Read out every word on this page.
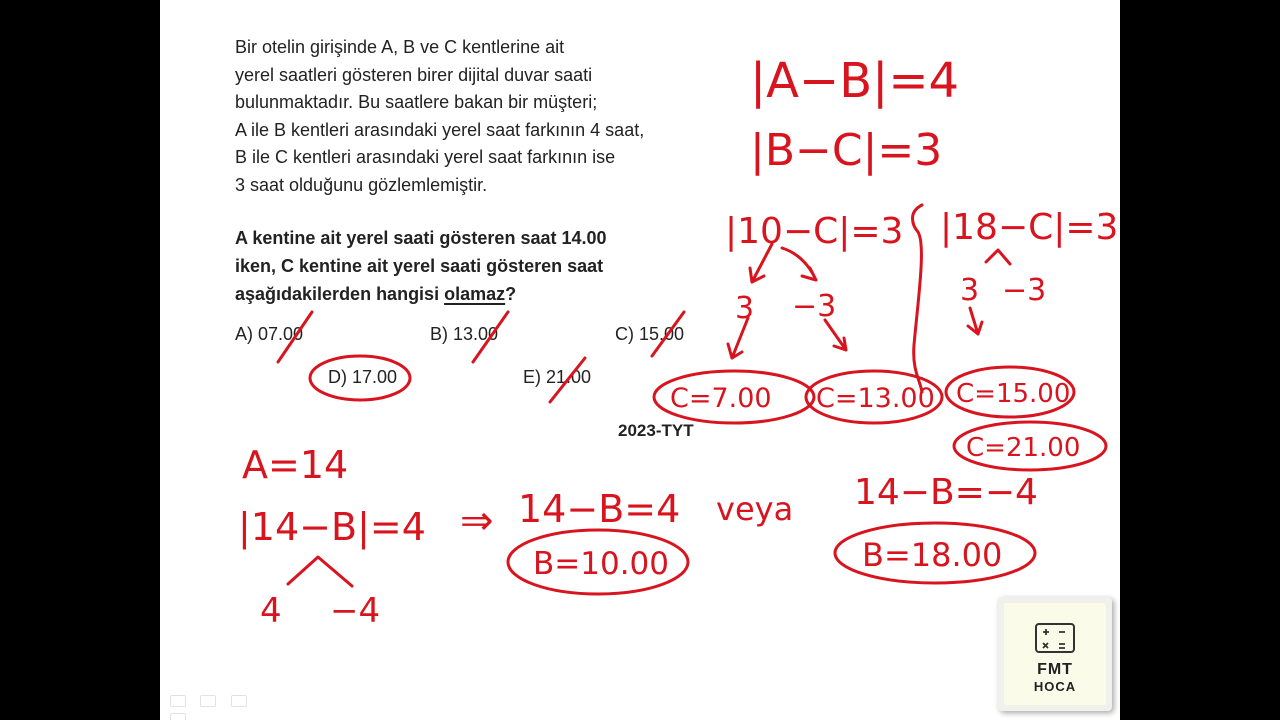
Bir otelin girişinde A, B ve C kentlerine ait
yerel saatleri gösteren birer dijital duvar saati
bulunmaktadır. Bu saatlere bakan bir müşteri;
A ile B kentleri arasındaki yerel saat farkının 4 saat,
B ile C kentleri arasındaki yerel saat farkının ise
3 saat olduğunu gözlemlemiştir.
A kentine ait yerel saati gösteren saat 14.00
iken, C kentine ait yerel saati gösteren saat
aşağıdakilerden hangisi olamaz?
A) 07.00	B) 13.00	C) 15.00
D) 17.00	E) 21.00
2023-TYT
|A−B|=4
|B−C|=3
|10−C|=3 |18−C|=3
3 −3	3 −3
C=7.00 C=13.00 C=15.00
C=21.00
A=14
|14−B|=4 ⇒ 14−B=4 veya 14−B=−4
B=10.00	B=18.00
4 −4
FMT
HOCA
